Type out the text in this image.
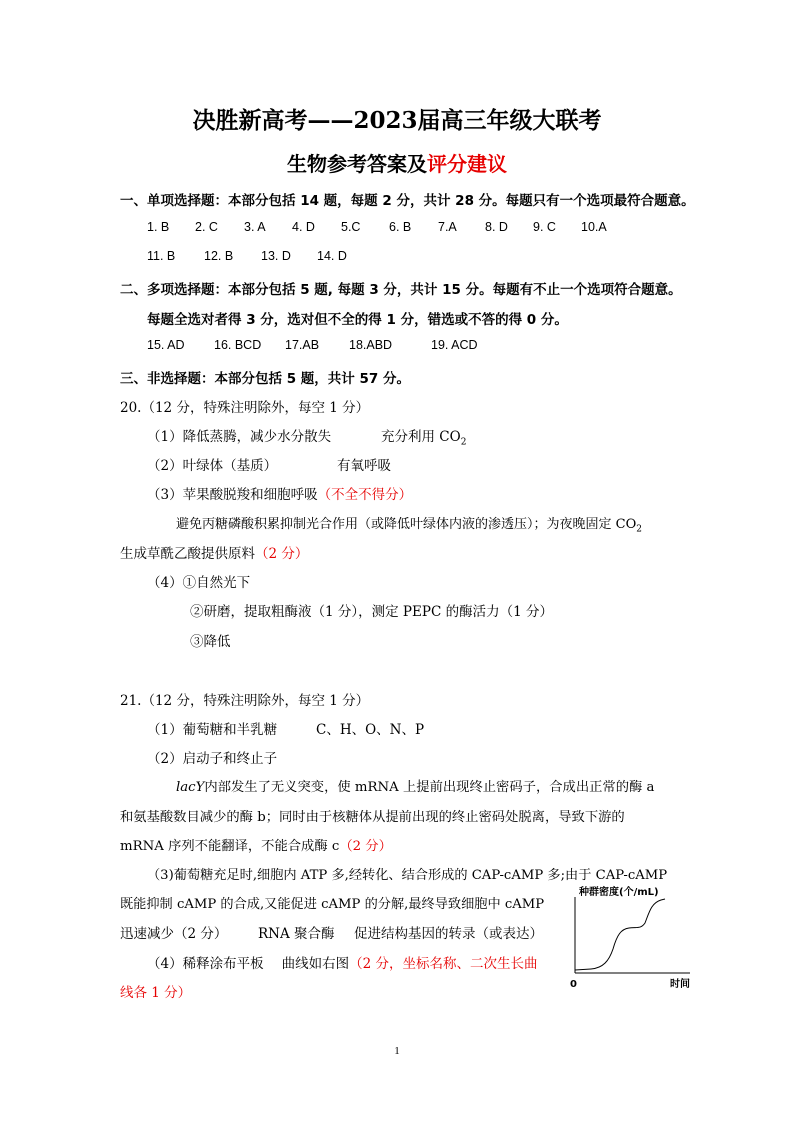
决胜新高考——2023届高三年级大联考
生物参考答案及评分建议
一、单项选择题：本部分包括 14 题，每题 2 分，共计 28 分。每题只有一个选项最符合题意。
1. B 2. C 3. A 4. D 5.C 6. B 7.A 8. D 9. C 10.A
11. B 12. B 13. D 14. D
二、多项选择题：本部分包括 5 题, 每题 3 分，共计 15 分。每题有不止一个选项符合题意。
每题全选对者得 3 分，选对但不全的得 1 分，错选或不答的得 0 分。
15. AD 16. BCD 17.AB 18.ABD	19. ACD
三、非选择题：本部分包括 5 题，共计 57 分。
20.（12 分，特殊注明除外，每空 1 分）
（1）降低蒸腾，减少水分散失	充分利用 $CO_2$
（2）叶绿体（基质）	有氧呼吸
（3）苹果酸脱羧和细胞呼吸（不全不得分）
避免丙糖磷酸积累抑制光合作用（或降低叶绿体内液的渗透压）；为夜晚固定 $CO_2$
生成草酰乙酸提供原料（2 分）
（4）①自然光下
②研磨，提取粗酶液（1 分），测定 PEPC 的酶活力（1 分）
③降低
21.（12 分，特殊注明除外，每空 1 分）
（1）葡萄糖和半乳糖	C、H、O、N、P
（2）启动子和终止子
lacY内部发生了无义突变，使 mRNA 上提前出现终止密码子，合成出正常的酶 a
和氨基酸数目减少的酶 b；同时由于核糖体从提前出现的终止密码处脱离，导致下游的
mRNA 序列不能翻译，不能合成酶 c（2 分）
（3)葡萄糖充足时,细胞内 ATP 多,经转化、结合形成的 CAP-cAMP 多;由于 CAP-cAMP
既能抑制 cAMP 的合成,又能促进 cAMP 的分解,最终导致细胞中 cAMP
迅速减少（2 分） RNA 聚合酶 促进结构基因的转录（或表达）
（4）稀释涂布平板 曲线如右图（2 分，坐标名称、二次生长曲
线各 1 分）
种群密度(个/mL)
0	时间
1
